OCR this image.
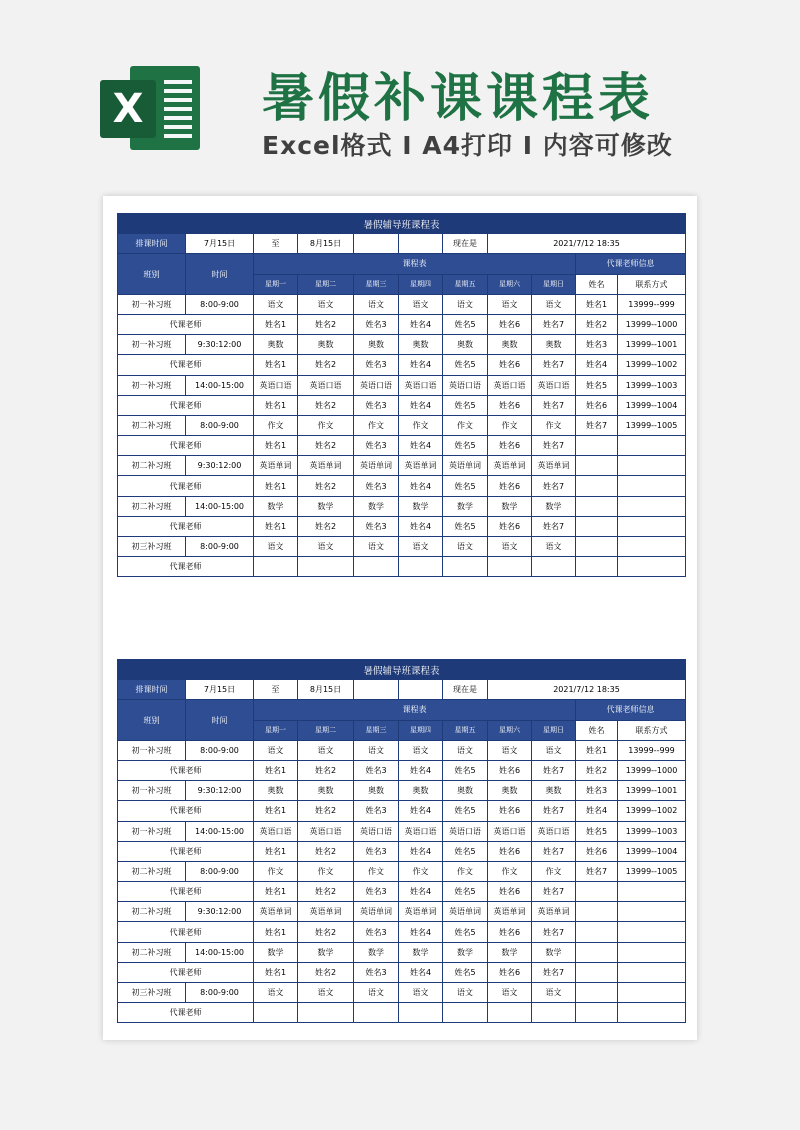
X 暑假补课课程表
Excel格式 I A4打印 I 内容可修改
暑假辅导班课程表										
排课时间	7月15日	至	8月15日			现在是	2021/7/12 18:35			
班别	时间	课程表							代课老师信息	
		星期一	星期二	星期三	星期四	星期五	星期六	星期日	姓名	联系方式
初一补习班	8:00-9:00	语文	语文	语文	语文	语文	语文	语文	姓名1	13999--999
代课老师		姓名1	姓名2	姓名3	姓名4	姓名5	姓名6	姓名7	姓名2	13999--1000
初一补习班	9:30:12:00	奥数	奥数	奥数	奥数	奥数	奥数	奥数	姓名3	13999--1001
代课老师		姓名1	姓名2	姓名3	姓名4	姓名5	姓名6	姓名7	姓名4	13999--1002
初一补习班	14:00-15:00	英语口语	英语口语	英语口语	英语口语	英语口语	英语口语	英语口语	姓名5	13999--1003
代课老师		姓名1	姓名2	姓名3	姓名4	姓名5	姓名6	姓名7	姓名6	13999--1004
初二补习班	8:00-9:00	作文	作文	作文	作文	作文	作文	作文	姓名7	13999--1005
代课老师		姓名1	姓名2	姓名3	姓名4	姓名5	姓名6	姓名7		
初二补习班	9:30:12:00	英语单词	英语单词	英语单词	英语单词	英语单词	英语单词	英语单词		
代课老师		姓名1	姓名2	姓名3	姓名4	姓名5	姓名6	姓名7		
初二补习班	14:00-15:00	数学	数学	数学	数学	数学	数学	数学		
代课老师		姓名1	姓名2	姓名3	姓名4	姓名5	姓名6	姓名7		
初三补习班	8:00-9:00	语文	语文	语文	语文	语文	语文	语文		
代课老师										
暑假辅导班课程表										
排课时间	7月15日	至	8月15日			现在是	2021/7/12 18:35			
班别	时间	课程表							代课老师信息	
		星期一	星期二	星期三	星期四	星期五	星期六	星期日	姓名	联系方式
初一补习班	8:00-9:00	语文	语文	语文	语文	语文	语文	语文	姓名1	13999--999
代课老师		姓名1	姓名2	姓名3	姓名4	姓名5	姓名6	姓名7	姓名2	13999--1000
初一补习班	9:30:12:00	奥数	奥数	奥数	奥数	奥数	奥数	奥数	姓名3	13999--1001
代课老师		姓名1	姓名2	姓名3	姓名4	姓名5	姓名6	姓名7	姓名4	13999--1002
初一补习班	14:00-15:00	英语口语	英语口语	英语口语	英语口语	英语口语	英语口语	英语口语	姓名5	13999--1003
代课老师		姓名1	姓名2	姓名3	姓名4	姓名5	姓名6	姓名7	姓名6	13999--1004
初二补习班	8:00-9:00	作文	作文	作文	作文	作文	作文	作文	姓名7	13999--1005
代课老师		姓名1	姓名2	姓名3	姓名4	姓名5	姓名6	姓名7		
初二补习班	9:30:12:00	英语单词	英语单词	英语单词	英语单词	英语单词	英语单词	英语单词		
代课老师		姓名1	姓名2	姓名3	姓名4	姓名5	姓名6	姓名7		
初二补习班	14:00-15:00	数学	数学	数学	数学	数学	数学	数学		
代课老师		姓名1	姓名2	姓名3	姓名4	姓名5	姓名6	姓名7		
初三补习班	8:00-9:00	语文	语文	语文	语文	语文	语文	语文		
代课老师										
